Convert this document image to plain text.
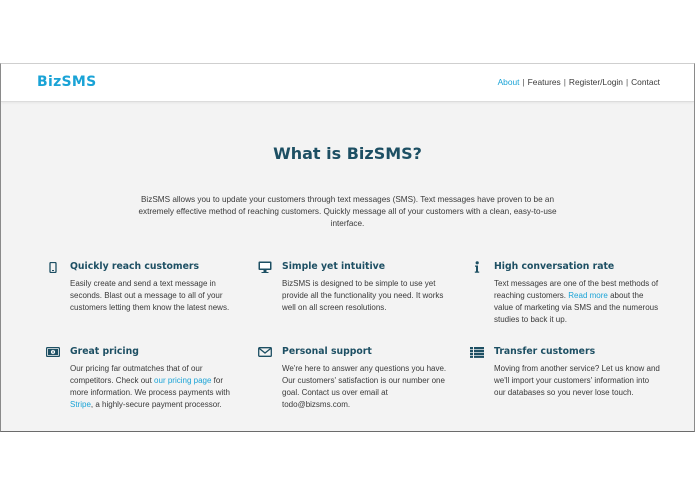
BizSMS	About | Features | Register/Login | Contact
What is BizSMS?
BizSMS allows you to update your customers through text messages (SMS). Text messages have proven to be an extremely effective method of reaching customers. Quickly message all of your customers with a clean, easy-to-use interface.
Quickly reach customers
Easily create and send a text message in seconds. Blast out a message to all of your customers letting them know the latest news.
Simple yet intuitive
BizSMS is designed to be simple to use yet provide all the functionality you need. It works well on all screen resolutions.
High conversation rate
Text messages are one of the best methods of reaching customers. Read more about the value of marketing via SMS and the numerous studies to back it up.
Great pricing
Our pricing far outmatches that of our competitors. Check out our pricing page for more information. We process payments with Stripe, a highly-secure payment processor.
Personal support
We're here to answer any questions you have. Our customers' satisfaction is our number one goal. Contact us over email at todo@bizsms.com.
Transfer customers
Moving from another service? Let us know and we'll import your customers' information into our databases so you never lose touch.
